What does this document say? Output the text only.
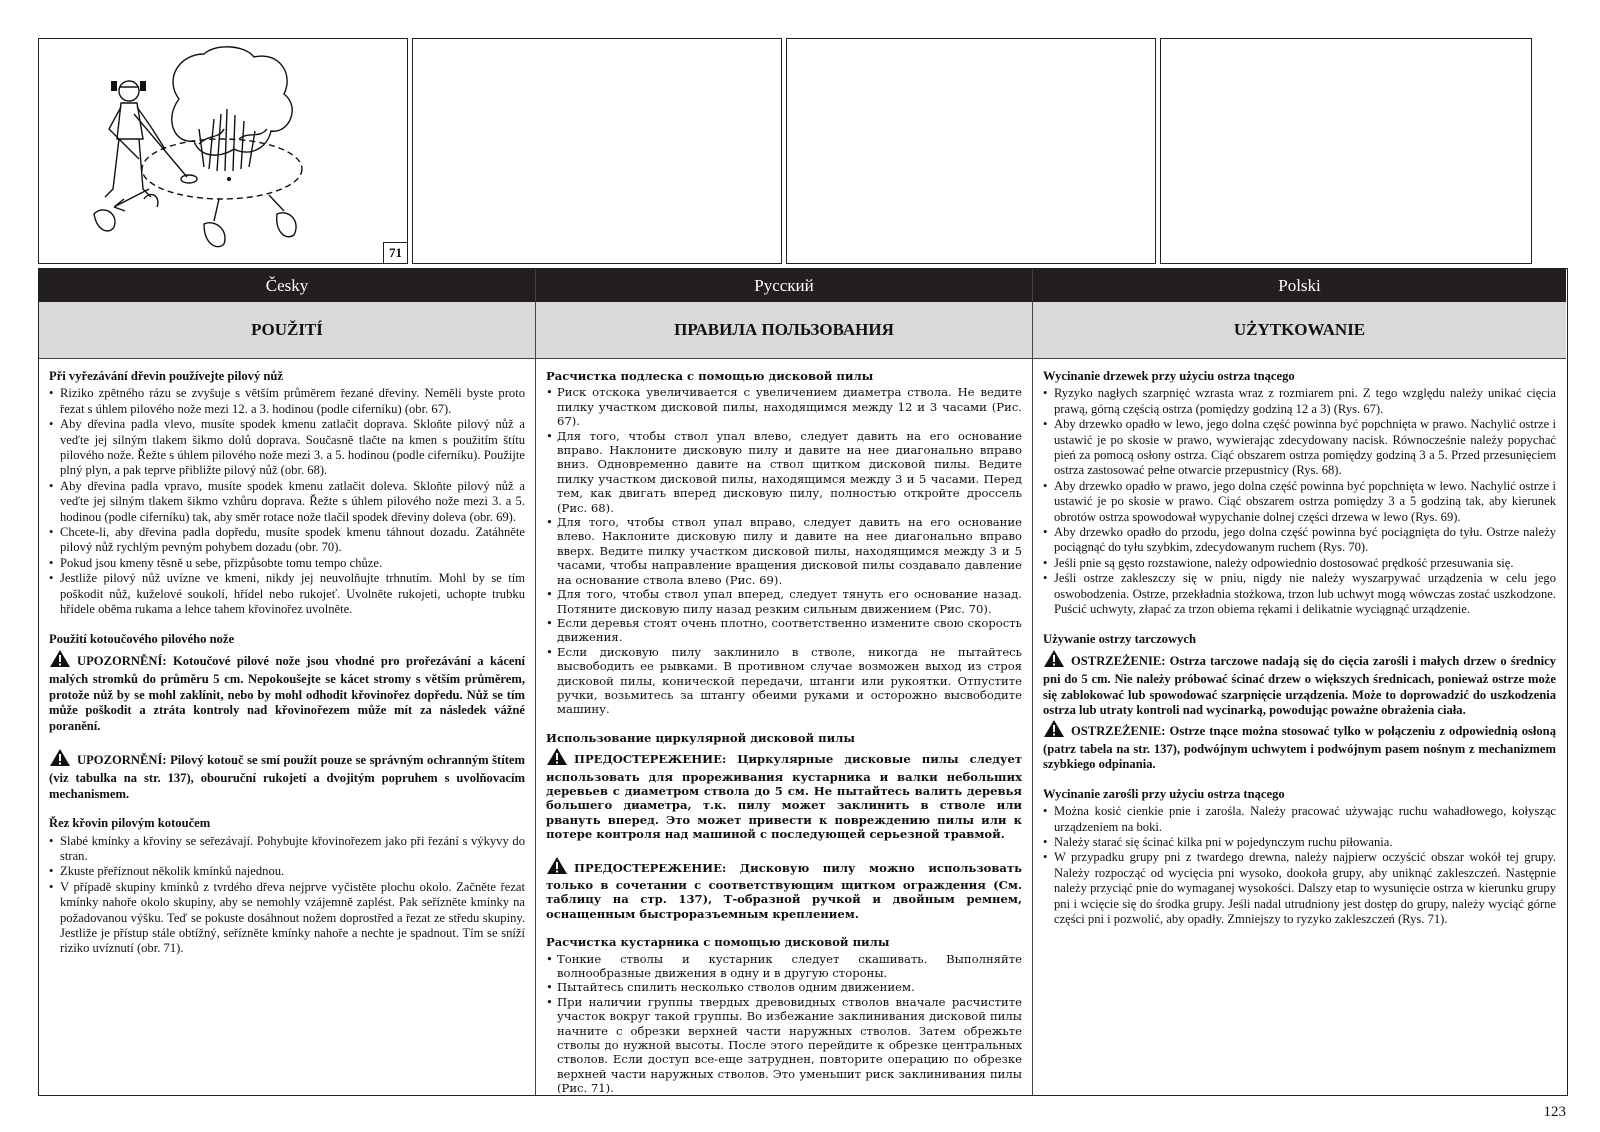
71
Česky
POUŽITÍ
Při vyřezávání dřevin používejte pilový nůž
• Riziko zpětného rázu se zvyšuje s větším průměrem řezané dřeviny. Neměli byste proto řezat s úhlem pilového nože mezi 12. a 3. hodinou (podle ciferníku) (obr. 67).
• Aby dřevina padla vlevo, musíte spodek kmenu zatlačit doprava. Skloňte pilový nůž a veďte jej silným tlakem šikmo dolů doprava. Současně tlačte na kmen s použitím štítu pilového nože. Řežte s úhlem pilového nože mezi 3. a 5. hodinou (podle ciferníku). Použijte plný plyn, a pak teprve přibližte pilový nůž (obr. 68).
• Aby dřevina padla vpravo, musíte spodek kmenu zatlačit doleva. Skloňte pilový nůž a veďte jej silným tlakem šikmo vzhůru doprava. Řežte s úhlem pilového nože mezi 3. a 5. hodinou (podle ciferníku) tak, aby směr rotace nože tlačil spodek dřeviny doleva (obr. 69).
• Chcete-li, aby dřevina padla dopředu, musíte spodek kmenu táhnout dozadu. Zatáhněte pilový nůž rychlým pevným pohybem dozadu (obr. 70).
• Pokud jsou kmeny těsně u sebe, přizpůsobte tomu tempo chůze.
• Jestliže pilový nůž uvízne ve kmeni, nikdy jej neuvolňujte trhnutím. Mohl by se tím poškodit nůž, kuželové soukolí, hřídel nebo rukojeť. Uvolněte rukojeti, uchopte trubku hřídele oběma rukama a lehce tahem křovinořez uvolněte.
Použití kotoučového pilového nože

UPOZORNĚNÍ: Kotoučové pilové nože jsou vhodné pro prořezávání a kácení malých stromků do průměru 5 cm. Nepokoušejte se kácet stromy s větším průměrem, protože nůž by se mohl zaklínit, nebo by mohl odhodit křovinořez dopředu. Nůž se tím může poškodit a ztráta kontroly nad křovinořezem může mít za následek vážné poranění.

UPOZORNĚNÍ: Pilový kotouč se smí použít pouze se správným ochranným štítem (viz tabulka na str. 137), obouruční rukojetí a dvojitým popruhem s uvolňovacím mechanismem.

Řez křovin pilovým kotoučem
• Slabé kmínky a křoviny se seřezávají. Pohybujte křovinořezem jako při řezání s výkyvy do stran.
• Zkuste přeříznout několik kmínků najednou.
• V případě skupiny kmínků z tvrdého dřeva nejprve vyčistěte plochu okolo. Začněte řezat kmínky nahoře okolo skupiny, aby se nemohly vzájemně zaplést. Pak seřízněte kmínky na požadovanou výšku. Teď se pokuste dosáhnout nožem doprostřed a řezat ze středu skupiny. Jestliže je přístup stále obtížný, seřízněte kmínky nahoře a nechte je spadnout. Tím se sníží riziko uvíznutí (obr. 71).
Русский
ПРАВИЛА ПОЛЬЗОВАНИЯ
Расчистка подлеска с помощью дисковой пилы
• Риск отскока увеличивается с увеличением диаметра ствола. Не ведите пилку участком дисковой пилы, находящимся между 12 и 3 часами (Рис. 67).
• Для того, чтобы ствол упал влево, следует давить на его основание вправо. Наклоните дисковую пилу и давите на нее диагонально вправо вниз. Одновременно давите на ствол щитком дисковой пилы. Ведите пилку участком дисковой пилы, находящимся между 3 и 5 часами. Перед тем, как двигать вперед дисковую пилу, полностью откройте дроссель (Рис. 68).
• Для того, чтобы ствол упал вправо, следует давить на его основание влево. Наклоните дисковую пилу и давите на нее диагонально вправо вверх. Ведите пилку участком дисковой пилы, находящимся между 3 и 5 часами, чтобы направление вращения дисковой пилы создавало давление на основание ствола влево (Рис. 69).
• Для того, чтобы ствол упал вперед, следует тянуть его основание назад. Потяните дисковую пилу назад резким сильным движением (Рис. 70).
• Если деревья стоят очень плотно, соответственно измените свою скорость движения.
• Если дисковую пилу заклинило в стволе, никогда не пытайтесь высвободить ее рывками. В противном случае возможен выход из строя дисковой пилы, конической передачи, штанги или рукоятки. Отпустите ручки, возьмитесь за штангу обеими руками и осторожно высвободите машину.
Использование циркулярной дисковой пилы

ПРЕДОСТЕРЕЖЕНИЕ: Циркулярные дисковые пилы следует использовать для прореживания кустарника и валки небольших деревьев с диаметром ствола до 5 см. Не пытайтесь валить деревья большего диаметра, т.к. пилу может заклинить в стволе или рвануть вперед. Это может привести к повреждению пилы или к потере контроля над машиной с последующей серьезной травмой.

ПРЕДОСТЕРЕЖЕНИЕ: Дисковую пилу можно использовать только в сочетании с соответствующим щитком ограждения (См. таблицу на стр. 137), Т-образной ручкой и двойным ремнем, оснащенным быстроразъемным креплением.

Расчистка кустарника с помощью дисковой пилы
• Тонкие стволы и кустарник следует скашивать. Выполняйте волнообразные движения в одну и в другую стороны.
• Пытайтесь спилить несколько стволов одним движением.
• При наличии группы твердых древовидных стволов вначале расчистите участок вокруг такой группы. Во избежание заклинивания дисковой пилы начните с обрезки верхней части наружных стволов. Затем обрежьте стволы до нужной высоты. После этого перейдите к обрезке центральных стволов. Если доступ все-еще затруднен, повторите операцию по обрезке верхней части наружных стволов. Это уменьшит риск заклинивания пилы (Рис. 71).
Polski
UŻYTKOWANIE
Wycinanie drzewek przy użyciu ostrza tnącego
• Ryzyko nagłych szarpnięć wzrasta wraz z rozmiarem pni. Z tego względu należy unikać cięcia prawą, górną częścią ostrza (pomiędzy godziną 12 a 3) (Rys. 67).
• Aby drzewko opadło w lewo, jego dolna część powinna być popchnięta w prawo. Nachylić ostrze i ustawić je po skosie w prawo, wywierając zdecydowany nacisk. Równocześnie należy popychać pień za pomocą osłony ostrza. Ciąć obszarem ostrza pomiędzy godziną 3 a 5. Przed przesunięciem ostrza zastosować pełne otwarcie przepustnicy (Rys. 68).
• Aby drzewko opadło w prawo, jego dolna część powinna być popchnięta w lewo. Nachylić ostrze i ustawić je po skosie w prawo. Ciąć obszarem ostrza pomiędzy 3 a 5 godziną tak, aby kierunek obrotów ostrza spowodował wypychanie dolnej części drzewa w lewo (Rys. 69).
• Aby drzewko opadło do przodu, jego dolna część powinna być pociągnięta do tyłu. Ostrze należy pociągnąć do tyłu szybkim, zdecydowanym ruchem (Rys. 70).
• Jeśli pnie są gęsto rozstawione, należy odpowiednio dostosować prędkość przesuwania się.
• Jeśli ostrze zakleszczy się w pniu, nigdy nie należy wyszarpywać urządzenia w celu jego oswobodzenia. Ostrze, przekładnia stożkowa, trzon lub uchwyt mogą wówczas zostać uszkodzone. Puścić uchwyty, złapać za trzon obiema rękami i delikatnie wyciągnąć urządzenie.
Używanie ostrzy tarczowych

OSTRZEŻENIE: Ostrza tarczowe nadają się do cięcia zarośli i małych drzew o średnicy pni do 5 cm. Nie należy próbować ścinać drzew o większych średnicach, ponieważ ostrze może się zablokować lub spowodować szarpnięcie urządzenia. Może to doprowadzić do uszkodzenia ostrza lub utraty kontroli nad wycinarką, powodując poważne obrażenia ciała.

OSTRZEŻENIE: Ostrze tnące można stosować tylko w połączeniu z odpowiednią osłoną (patrz tabela na str. 137), podwójnym uchwytem i podwójnym pasem nośnym z mechanizmem szybkiego odpinania.

Wycinanie zarośli przy użyciu ostrza tnącego
• Można kosić cienkie pnie i zarośla. Należy pracować używając ruchu wahadłowego, kołysząc urządzeniem na boki.
• Należy starać się ścinać kilka pni w pojedynczym ruchu piłowania.
• W przypadku grupy pni z twardego drewna, należy najpierw oczyścić obszar wokół tej grupy. Należy rozpocząć od wycięcia pni wysoko, dookoła grupy, aby uniknąć zakleszczeń. Następnie należy przyciąć pnie do wymaganej wysokości. Dalszy etap to wysunięcie ostrza w kierunku grupy pni i wcięcie się do środka grupy. Jeśli nadal utrudniony jest dostęp do grupy, należy wyciąć górne części pni i pozwolić, aby opadły. Zmniejszy to ryzyko zakleszczeń (Rys. 71).
123
